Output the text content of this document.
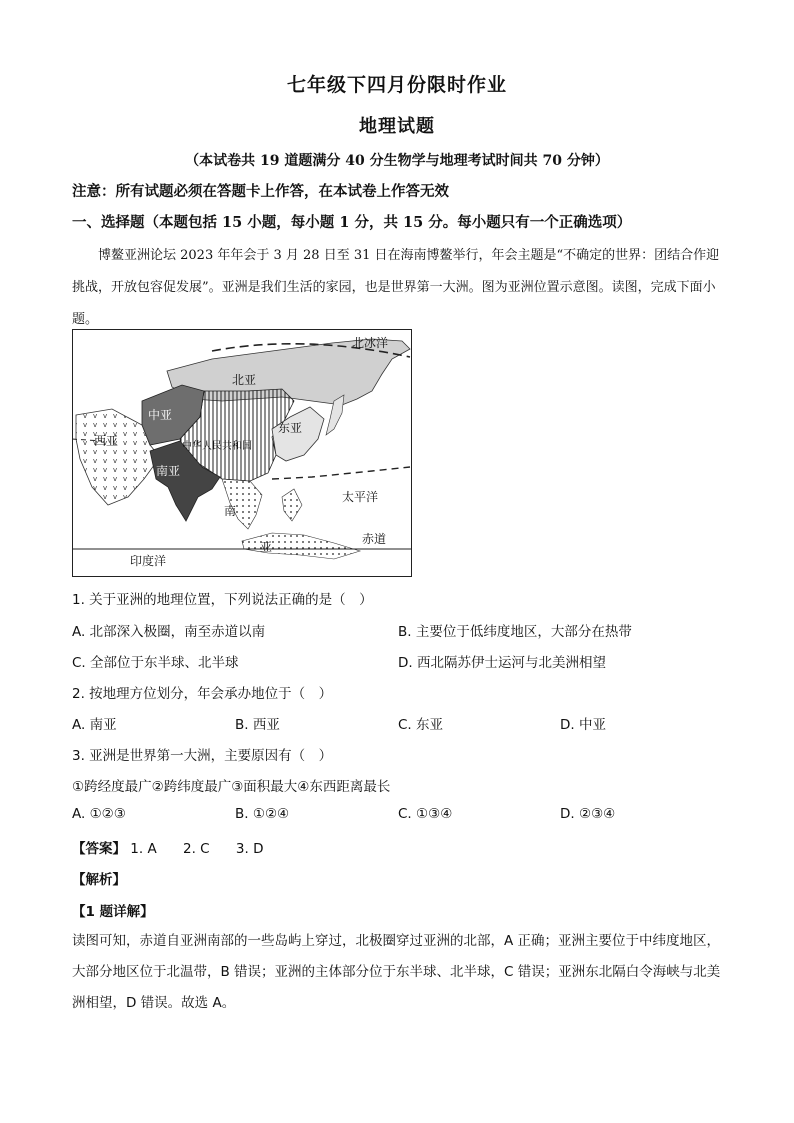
七年级下四月份限时作业
地理试题
（本试卷共 19 道题满分 40 分生物学与地理考试时间共 70 分钟）
注意：所有试题必须在答题卡上作答，在本试卷上作答无效
一、选择题（本题包括 15 小题，每小题 1 分，共 15 分。每小题只有一个正确选项）
博鳌亚洲论坛 2023 年年会于 3 月 28 日至 31 日在海南博鳌举行，年会主题是“不确定的世界：团结合作迎挑战，开放包容促发展”。亚洲是我们生活的家园，也是世界第一大洲。图为亚洲位置示意图。读图，完成下面小题。
北冰洋
北亚
中亚
东亚
西亚	中华人民共和国
南亚
南
亚
太平洋
赤道
印度洋
1. 关于亚洲的地理位置，下列说法正确的是（　）
A. 北部深入极圈，南至赤道以南	B. 主要位于低纬度地区，大部分在热带
C. 全部位于东半球、北半球	D. 西北隔苏伊士运河与北美洲相望
2. 按地理方位划分，年会承办地位于（　）
A. 南亚	B. 西亚	C. 东亚	D. 中亚
3. 亚洲是世界第一大洲，主要原因有（　）
①跨经度最广②跨纬度最广③面积最大④东西距离最长
A. ①②③	B. ①②④	C. ①③④	D. ②③④
【答案】 1. A 2. C 3. D
【解析】
【1 题详解】
读图可知，赤道自亚洲南部的一些岛屿上穿过，北极圈穿过亚洲的北部，A 正确；亚洲主要位于中纬度地区，大部分地区位于北温带，B 错误；亚洲的主体部分位于东半球、北半球，C 错误；亚洲东北隔白令海峡与北美洲相望，D 错误。故选 A。
